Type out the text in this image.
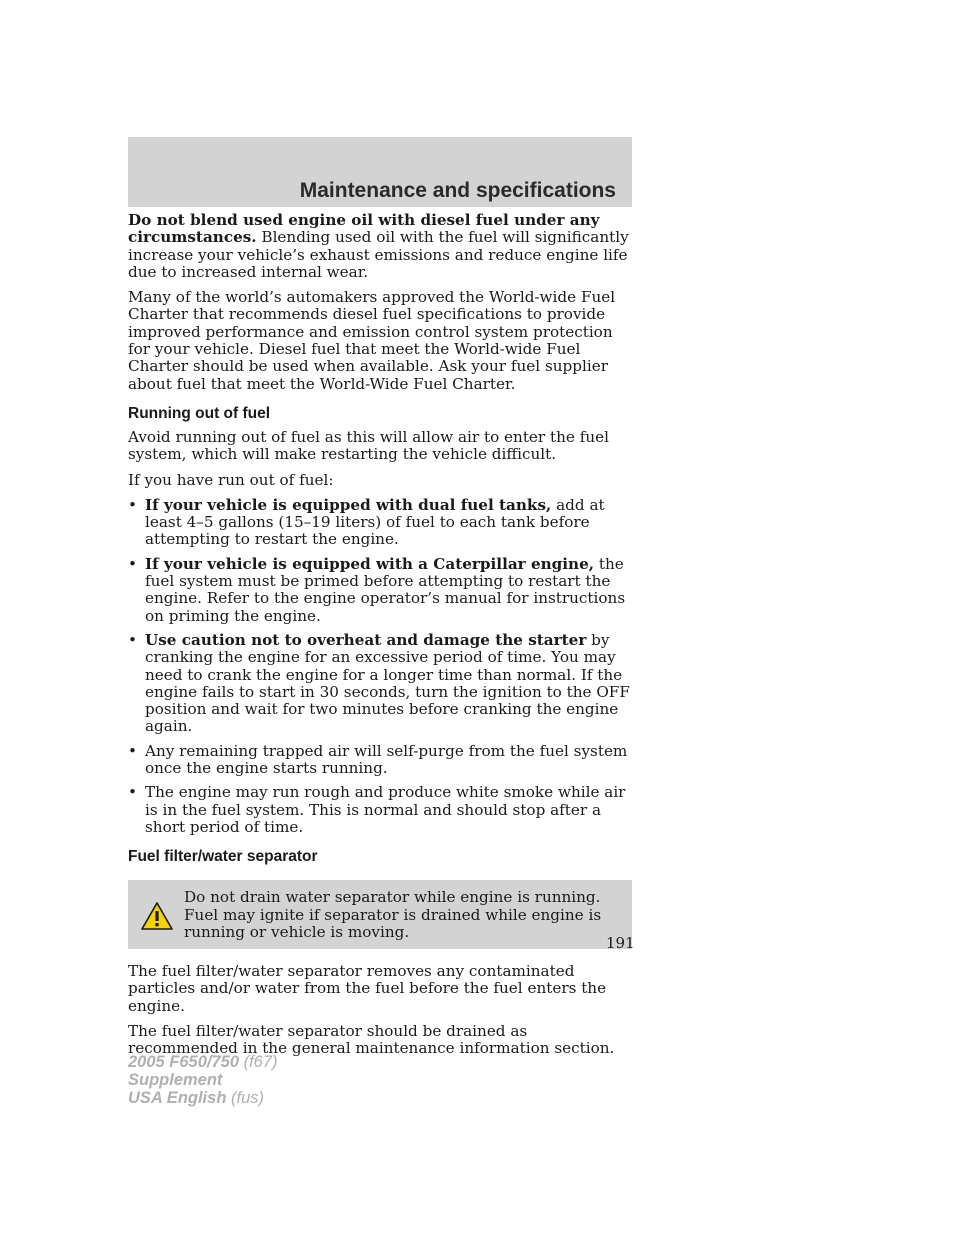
Maintenance and specifications

Do not blend used engine oil with diesel fuel under any circumstances. Blending used oil with the fuel will significantly increase your vehicle’s exhaust emissions and reduce engine life due to increased internal wear.

Many of the world’s automakers approved the World-wide Fuel Charter that recommends diesel fuel specifications to provide improved performance and emission control system protection for your vehicle. Diesel fuel that meet the World-wide Fuel Charter should be used when available. Ask your fuel supplier about fuel that meet the World-Wide Fuel Charter.

Running out of fuel

Avoid running out of fuel as this will allow air to enter the fuel system, which will make restarting the vehicle difficult.

If you have run out of fuel:

• If your vehicle is equipped with dual fuel tanks, add at least 4–5 gallons (15–19 liters) of fuel to each tank before attempting to restart the engine.
• If your vehicle is equipped with a Caterpillar engine, the fuel system must be primed before attempting to restart the engine. Refer to the engine operator’s manual for instructions on priming the engine.
• Use caution not to overheat and damage the starter by cranking the engine for an excessive period of time. You may need to crank the engine for a longer time than normal. If the engine fails to start in 30 seconds, turn the ignition to the OFF position and wait for two minutes before cranking the engine again.
• Any remaining trapped air will self-purge from the fuel system once the engine starts running.
• The engine may run rough and produce white smoke while air is in the fuel system. This is normal and should stop after a short period of time.
Fuel filter/water separator
Do not drain water separator while engine is running. Fuel may ignite if separator is drained while engine is running or vehicle is moving.

The fuel filter/water separator removes any contaminated particles and/or water from the fuel before the fuel enters the engine.

The fuel filter/water separator should be drained as recommended in the general maintenance information section.

191
2005 F650/750 (f67)
Supplement
USA English (fus)
